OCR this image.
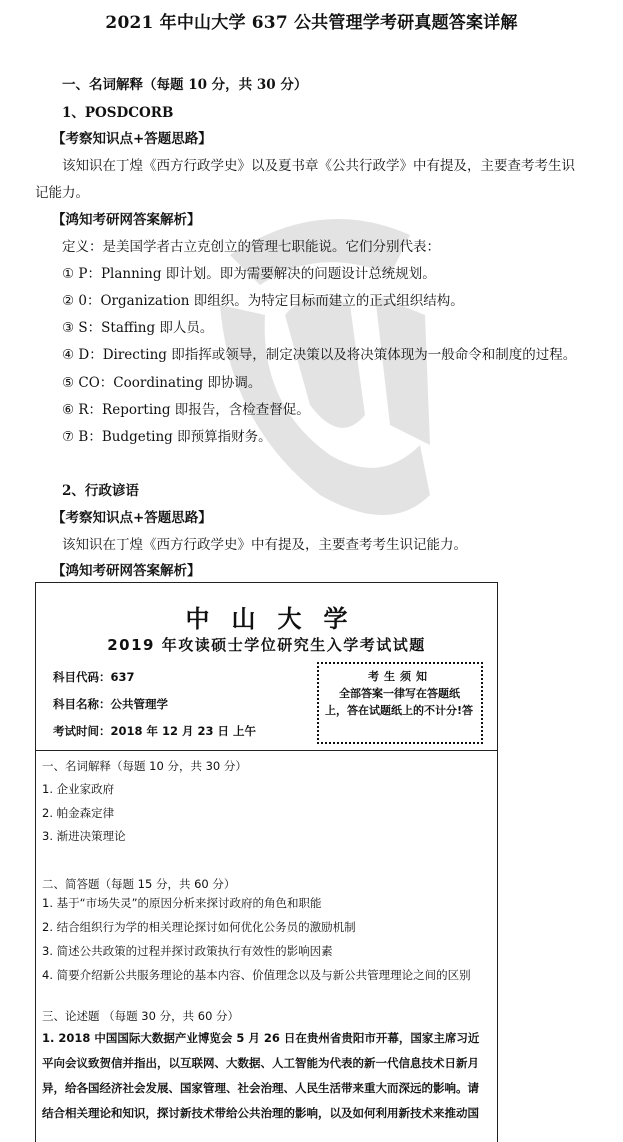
2021 年中山大学 637 公共管理学考研真题答案详解
一、名词解释（每题 10 分，共 30 分）
1、POSDCORB
【考察知识点+答题思路】
该知识在丁煌《西方行政学史》以及夏书章《公共行政学》中有提及，主要查考考生识
记能力。
【鸿知考研网答案解析】
定义：是美国学者古立克创立的管理七职能说。它们分别代表：
① P：Planning 即计划。即为需要解决的问题设计总统规划。
② 0：Organization 即组织。为特定目标而建立的正式组织结构。
③ S：Staffing 即人员。
④ D：Directing 即指挥或领导，制定决策以及将决策体现为一般命令和制度的过程。
⑤ CO：Coordinating 即协调。
⑥ R：Reporting 即报告，含检查督促。
⑦ B：Budgeting 即预算指财务。
2、行政谚语
【考察知识点+答题思路】
该知识在丁煌《西方行政学史》中有提及，主要查考考生识记能力。
【鸿知考研网答案解析】
中山大学
2019 年攻读硕士学位研究生入学考试试题
科目代码：637
科目名称：公共管理学
考试时间：2018 年 12 月 23 日 上午
考生须知
全部答案一律写在答题纸上，答在试题纸上的不计分!答
一、名词解释（每题 10 分，共 30 分）
1. 企业家政府
2. 帕金森定律
3. 渐进决策理论
二、简答题（每题 15 分，共 60 分）
1. 基于“市场失灵”的原因分析来探讨政府的角色和职能
2. 结合组织行为学的相关理论探讨如何优化公务员的激励机制
3. 简述公共政策的过程并探讨政策执行有效性的影响因素
4. 简要介绍新公共服务理论的基本内容、价值理念以及与新公共管理理论之间的区别
三、论述题 （每题 30 分，共 60 分）
1. 2018 中国国际大数据产业博览会 5 月 26 日在贵州省贵阳市开幕，国家主席习近平向会议致贺信并指出，以互联网、大数据、人工智能为代表的新一代信息技术日新月异，给各国经济社会发展、国家管理、社会治理、人民生活带来重大而深远的影响。请结合相关理论和知识，探讨新技术带给公共治理的影响，以及如何利用新技术来推动国
